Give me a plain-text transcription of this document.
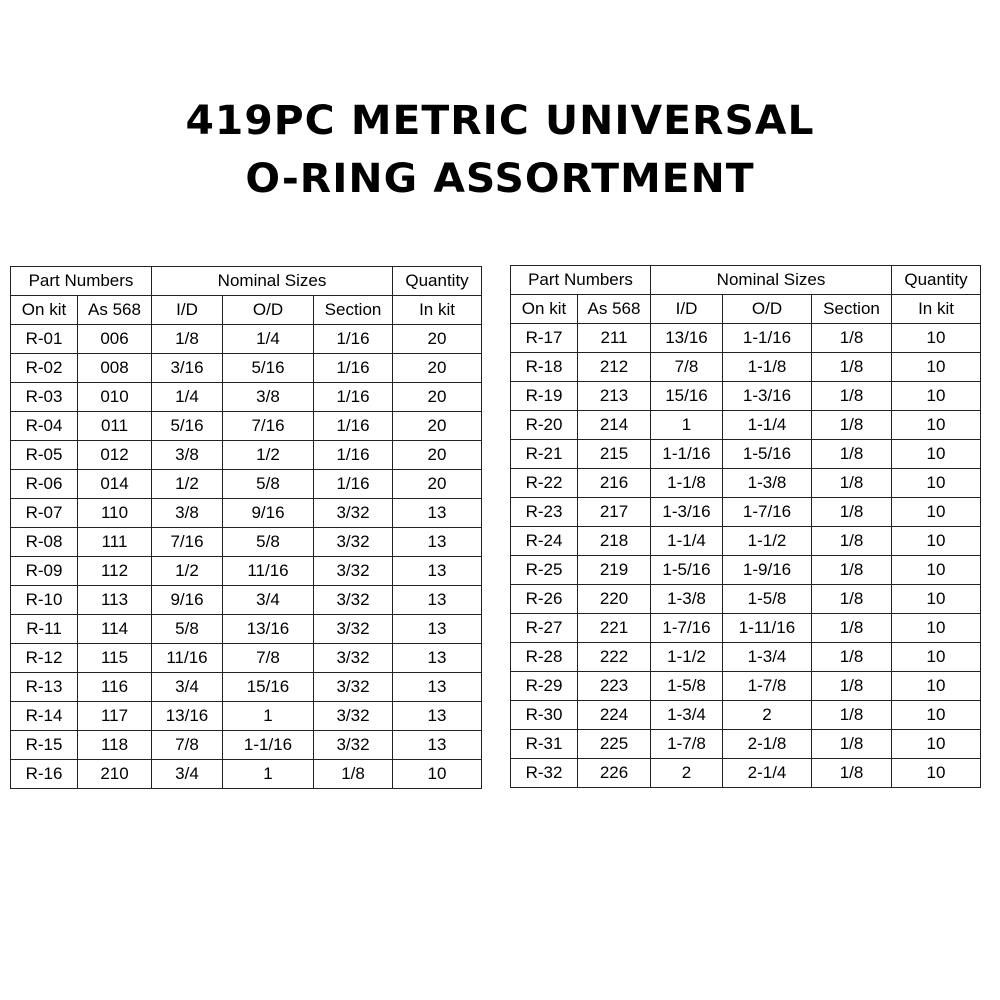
419PC METRIC UNIVERSAL
O-RING ASSORTMENT
Part Numbers		Nominal Sizes			Quantity
On kit	As 568	I/D	O/D	Section	In kit
R-01	006	1/8	1/4	1/16	20
R-02	008	3/16	5/16	1/16	20
R-03	010	1/4	3/8	1/16	20
R-04	011	5/16	7/16	1/16	20
R-05	012	3/8	1/2	1/16	20
R-06	014	1/2	5/8	1/16	20
R-07	110	3/8	9/16	3/32	13
R-08	111	7/16	5/8	3/32	13
R-09	112	1/2	11/16	3/32	13
R-10	113	9/16	3/4	3/32	13
R-11	114	5/8	13/16	3/32	13
R-12	115	11/16	7/8	3/32	13
R-13	116	3/4	15/16	3/32	13
R-14	117	13/16	1	3/32	13
R-15	118	7/8	1-1/16	3/32	13
R-16	210	3/4	1	1/8	10
Part Numbers		Nominal Sizes			Quantity
On kit	As 568	I/D	O/D	Section	In kit
R-17	211	13/16	1-1/16	1/8	10
R-18	212	7/8	1-1/8	1/8	10
R-19	213	15/16	1-3/16	1/8	10
R-20	214	1	1-1/4	1/8	10
R-21	215	1-1/16	1-5/16	1/8	10
R-22	216	1-1/8	1-3/8	1/8	10
R-23	217	1-3/16	1-7/16	1/8	10
R-24	218	1-1/4	1-1/2	1/8	10
R-25	219	1-5/16	1-9/16	1/8	10
R-26	220	1-3/8	1-5/8	1/8	10
R-27	221	1-7/16	1-11/16	1/8	10
R-28	222	1-1/2	1-3/4	1/8	10
R-29	223	1-5/8	1-7/8	1/8	10
R-30	224	1-3/4	2	1/8	10
R-31	225	1-7/8	2-1/8	1/8	10
R-32	226	2	2-1/4	1/8	10
